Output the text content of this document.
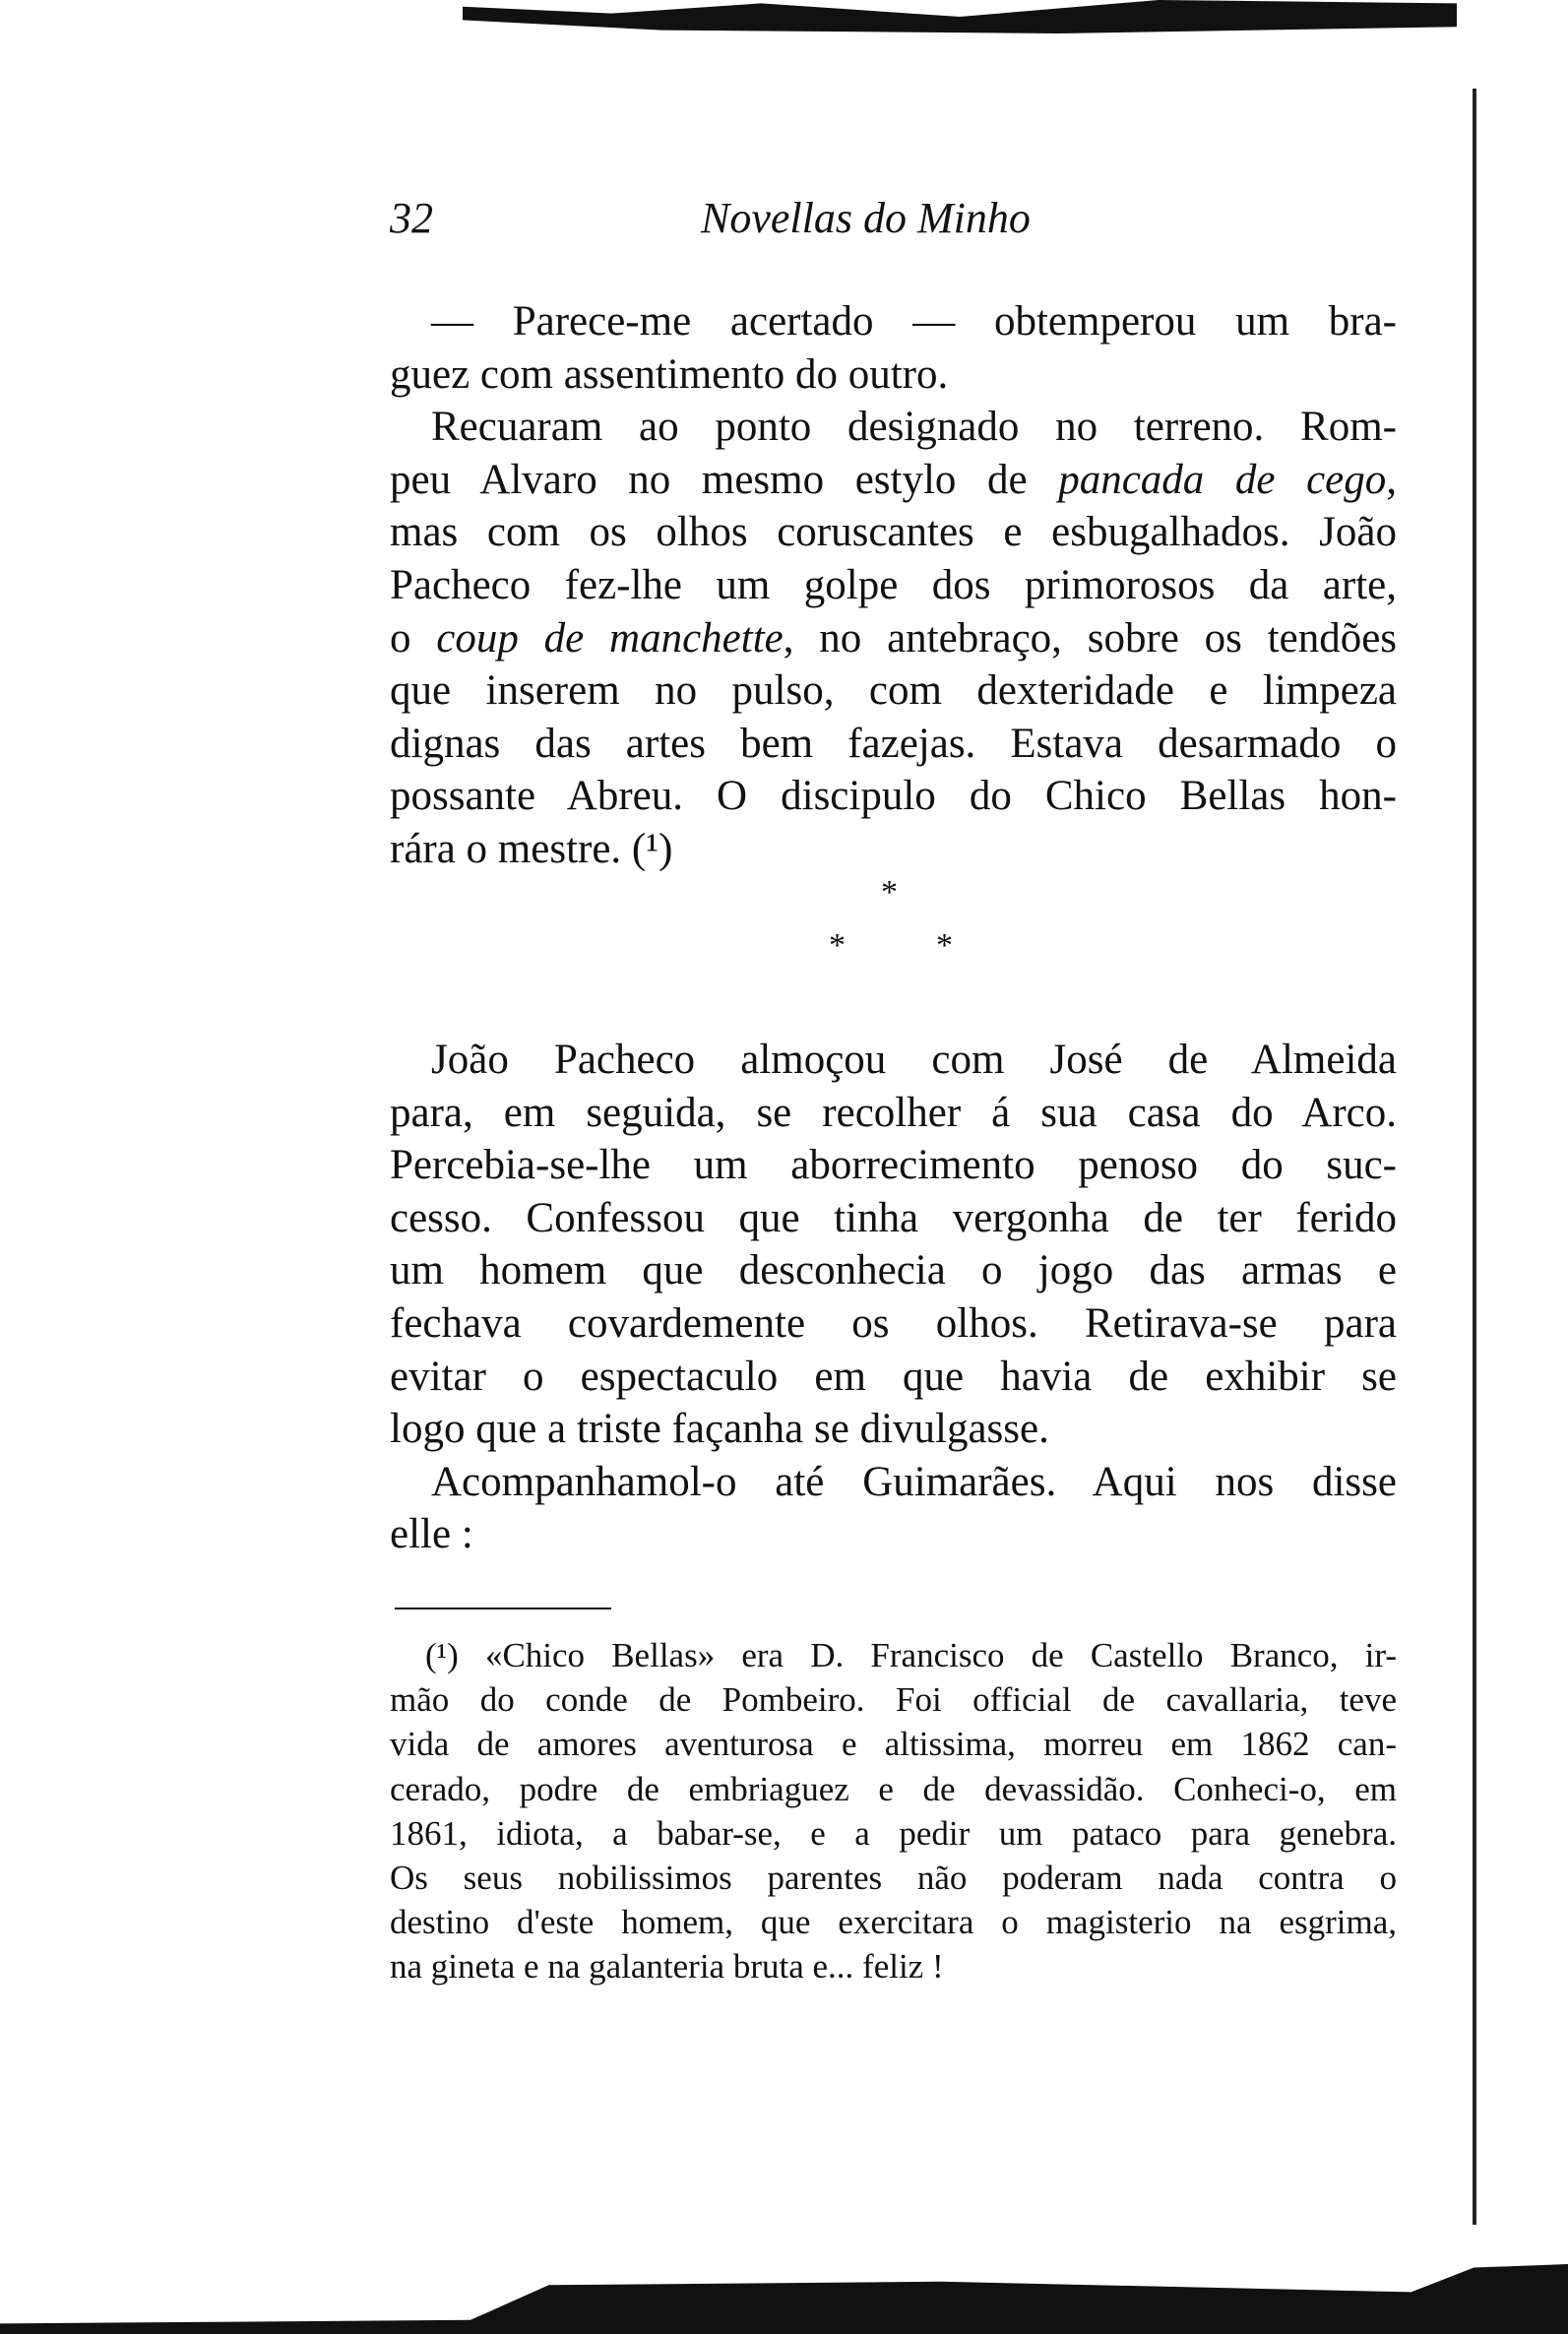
32	Novellas do Minho
— Parece-me acertado — obtemperou um bra-
guez com assentimento do outro.
Recuaram ao ponto designado no terreno. Rom-
peu Alvaro no mesmo estylo de pancada de cego,
mas com os olhos coruscantes e esbugalhados. João
Pacheco fez-lhe um golpe dos primorosos da arte,
o coup de manchette, no antebraço, sobre os tendões
que inserem no pulso, com dexteridade e limpeza
dignas das artes bem fazejas. Estava desarmado o
possante Abreu. O discipulo do Chico Bellas hon-
rára o mestre. (¹)
*
*	*
João Pacheco almoçou com José de Almeida
para, em seguida, se recolher á sua casa do Arco.
Percebia-se-lhe um aborrecimento penoso do suc-
cesso. Confessou que tinha vergonha de ter ferido
um homem que desconhecia o jogo das armas e
fechava covardemente os olhos. Retirava-se para
evitar o espectaculo em que havia de exhibir se
logo que a triste façanha se divulgasse.
Acompanhamol-o até Guimarães. Aqui nos disse
elle :
(¹) «Chico Bellas» era D. Francisco de Castello Branco, ir-
mão do conde de Pombeiro. Foi official de cavallaria, teve
vida de amores aventurosa e altissima, morreu em 1862 can-
cerado, podre de embriaguez e de devassidão. Conheci-o, em
1861, idiota, a babar-se, e a pedir um pataco para genebra.
Os seus nobilissimos parentes não poderam nada contra o
destino d'este homem, que exercitara o magisterio na esgrima,
na gineta e na galanteria bruta e... feliz !
